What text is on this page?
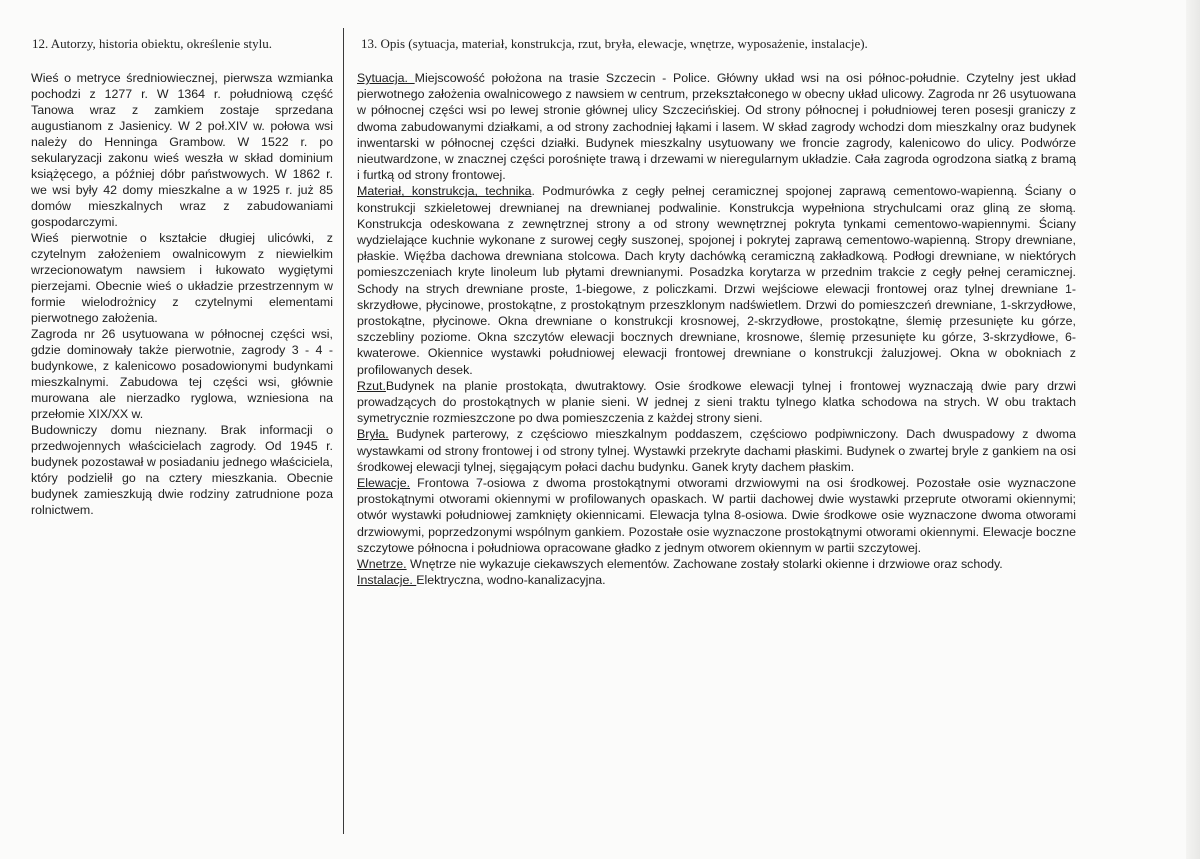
12. Autorzy, historia obiektu, określenie stylu.	13. Opis (sytuacja, materiał, konstrukcja, rzut, bryła, elewacje, wnętrze, wyposażenie, instalacje).

Wieś o metryce średniowiecznej, pierwsza wzmianka pochodzi z 1277 r. W 1364 r. południową część Tanowa wraz z zamkiem zostaje sprzedana augustianom z Jasienicy. W 2 poł.XIV w. połowa wsi należy do Henninga Grambow. W 1522 r. po sekularyzacji zakonu wieś weszła w skład dominium książęcego, a później dóbr państwowych. W 1862 r. we wsi były 42 domy mieszkalne a w 1925 r. już 85 domów mieszkalnych wraz z zabudowaniami gospodarczymi.

Wieś pierwotnie o kształcie długiej ulicówki, z czytelnym założeniem owalnicowym z niewielkim wrzecionowatym nawsiem i łukowato wygiętymi pierzejami. Obecnie wieś o układzie przestrzennym w formie wielodrożnicy z czytelnymi elementami pierwotnego założenia.

Zagroda nr 26 usytuowana w północnej części wsi, gdzie dominowały także pierwotnie, zagrody 3 - 4 -budynkowe, z kalenicowo posadowionymi budynkami mieszkalnymi. Zabudowa tej części wsi, głównie murowana ale nierzadko ryglowa, wzniesiona na przełomie XIX/XX w.

Budowniczy domu nieznany. Brak informacji o przedwojennych właścicielach zagrody. Od 1945 r. budynek pozostawał w posiadaniu jednego właściciela, który podzielił go na cztery mieszkania. Obecnie budynek zamieszkują dwie rodziny zatrudnione poza rolnictwem.

Sytuacja. Miejscowość położona na trasie Szczecin - Police. Główny układ wsi na osi północ-południe. Czytelny jest układ pierwotnego założenia owalnicowego z nawsiem w centrum, przekształconego w obecny układ ulicowy. Zagroda nr 26 usytuowana w północnej części wsi po lewej stronie głównej ulicy Szczecińskiej. Od strony północnej i południowej teren posesji graniczy z dwoma zabudowanymi działkami, a od strony zachodniej łąkami i lasem. W skład zagrody wchodzi dom mieszkalny oraz budynek inwentarski w północnej części działki. Budynek mieszkalny usytuowany we froncie zagrody, kalenicowo do ulicy. Podwórze nieutwardzone, w znacznej części porośnięte trawą i drzewami w nieregularnym układzie. Cała zagroda ogrodzona siatką z bramą i furtką od strony frontowej.

Materiał, konstrukcja, technika. Podmurówka z cegły pełnej ceramicznej spojonej zaprawą cementowo-wapienną. Ściany o konstrukcji szkieletowej drewnianej na drewnianej podwalinie. Konstrukcja wypełniona strychulcami oraz gliną ze słomą. Konstrukcja odeskowana z zewnętrznej strony a od strony wewnętrznej pokryta tynkami cementowo-wapiennymi. Ściany wydzielające kuchnie wykonane z surowej cegły suszonej, spojonej i pokrytej zaprawą cementowo-wapienną. Stropy drewniane, płaskie. Więźba dachowa drewniana stolcowa. Dach kryty dachówką ceramiczną zakładkową. Podłogi drewniane, w niektórych pomieszczeniach kryte linoleum lub płytami drewnianymi. Posadzka korytarza w przednim trakcie z cegły pełnej ceramicznej. Schody na strych drewniane proste, 1-biegowe, z policzkami. Drzwi wejściowe elewacji frontowej oraz tylnej drewniane 1-skrzydłowe, płycinowe, prostokątne, z prostokątnym przeszklonym nadświetlem. Drzwi do pomieszczeń drewniane, 1-skrzydłowe, prostokątne, płycinowe. Okna drewniane o konstrukcji krosnowej, 2-skrzydłowe, prostokątne, ślemię przesunięte ku górze, szczebliny poziome. Okna szczytów elewacji bocznych drewniane, krosnowe, ślemię przesunięte ku górze, 3-skrzydłowe, 6-kwaterowe. Okiennice wystawki południowej elewacji frontowej drewniane o konstrukcji żaluzjowej. Okna w obokniach z profilowanych desek.

Rzut.Budynek na planie prostokąta, dwutraktowy. Osie środkowe elewacji tylnej i frontowej wyznaczają dwie pary drzwi prowadzących do prostokątnych w planie sieni. W jednej z sieni traktu tylnego klatka schodowa na strych. W obu traktach symetrycznie rozmieszczone po dwa pomieszczenia z każdej strony sieni.

Bryła. Budynek parterowy, z częściowo mieszkalnym poddaszem, częściowo podpiwniczony. Dach dwuspadowy z dwoma wystawkami od strony frontowej i od strony tylnej. Wystawki przekryte dachami płaskimi. Budynek o zwartej bryle z gankiem na osi środkowej elewacji tylnej, sięgającym połaci dachu budynku. Ganek kryty dachem płaskim.

Elewacje. Frontowa 7-osiowa z dwoma prostokątnymi otworami drzwiowymi na osi środkowej. Pozostałe osie wyznaczone prostokątnymi otworami okiennymi w profilowanych opaskach. W partii dachowej dwie wystawki przeprute otworami okiennymi; otwór wystawki południowej zamknięty okiennicami. Elewacja tylna 8-osiowa. Dwie środkowe osie wyznaczone dwoma otworami drzwiowymi, poprzedzonymi wspólnym gankiem. Pozostałe osie wyznaczone prostokątnymi otworami okiennymi. Elewacje boczne szczytowe północna i południowa opracowane gładko z jednym otworem okiennym w partii szczytowej.

Wnetrze. Wnętrze nie wykazuje ciekawszych elementów. Zachowane zostały stolarki okienne i drzwiowe oraz schody.

Instalacje. Elektryczna, wodno-kanalizacyjna.
